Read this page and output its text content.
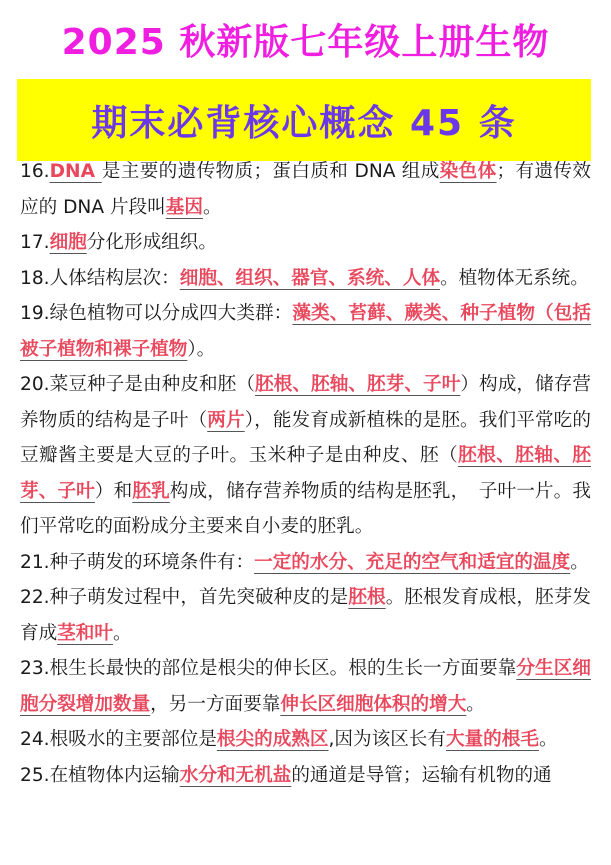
2025 秋新版七年级上册生物
期末必背核心概念 45 条

16.DNA 是主要的遗传物质；蛋白质和 DNA 组成染色体；有遗传效应的 DNA 片段叫基因。

17.细胞分化形成组织。

18.人体结构层次：细胞、组织、器官、系统、人体。植物体无系统。

19.绿色植物可以分成四大类群：藻类、苔藓、蕨类、种子植物（包括被子植物和裸子植物）。

20.菜豆种子是由种皮和胚（胚根、胚轴、胚芽、子叶）构成，储存营养物质的结构是子叶（两片），能发育成新植株的是胚。我们平常吃的豆瓣酱主要是大豆的子叶。玉米种子是由种皮、胚（胚根、胚轴、胚芽、子叶）和胚乳构成，储存营养物质的结构是胚乳，　子叶一片。我们平常吃的面粉成分主要来自小麦的胚乳。

21.种子萌发的环境条件有：一定的水分、充足的空气和适宜的温度。

22.种子萌发过程中，首先突破种皮的是胚根。胚根发育成根，胚芽发育成茎和叶。

23.根生长最快的部位是根尖的伸长区。根的生长一方面要靠分生区细胞分裂增加数量，另一方面要靠伸长区细胞体积的增大。

24.根吸水的主要部位是根尖的成熟区,因为该区长有大量的根毛。

25.在植物体内运输水分和无机盐的通道是导管；运输有机物的通
